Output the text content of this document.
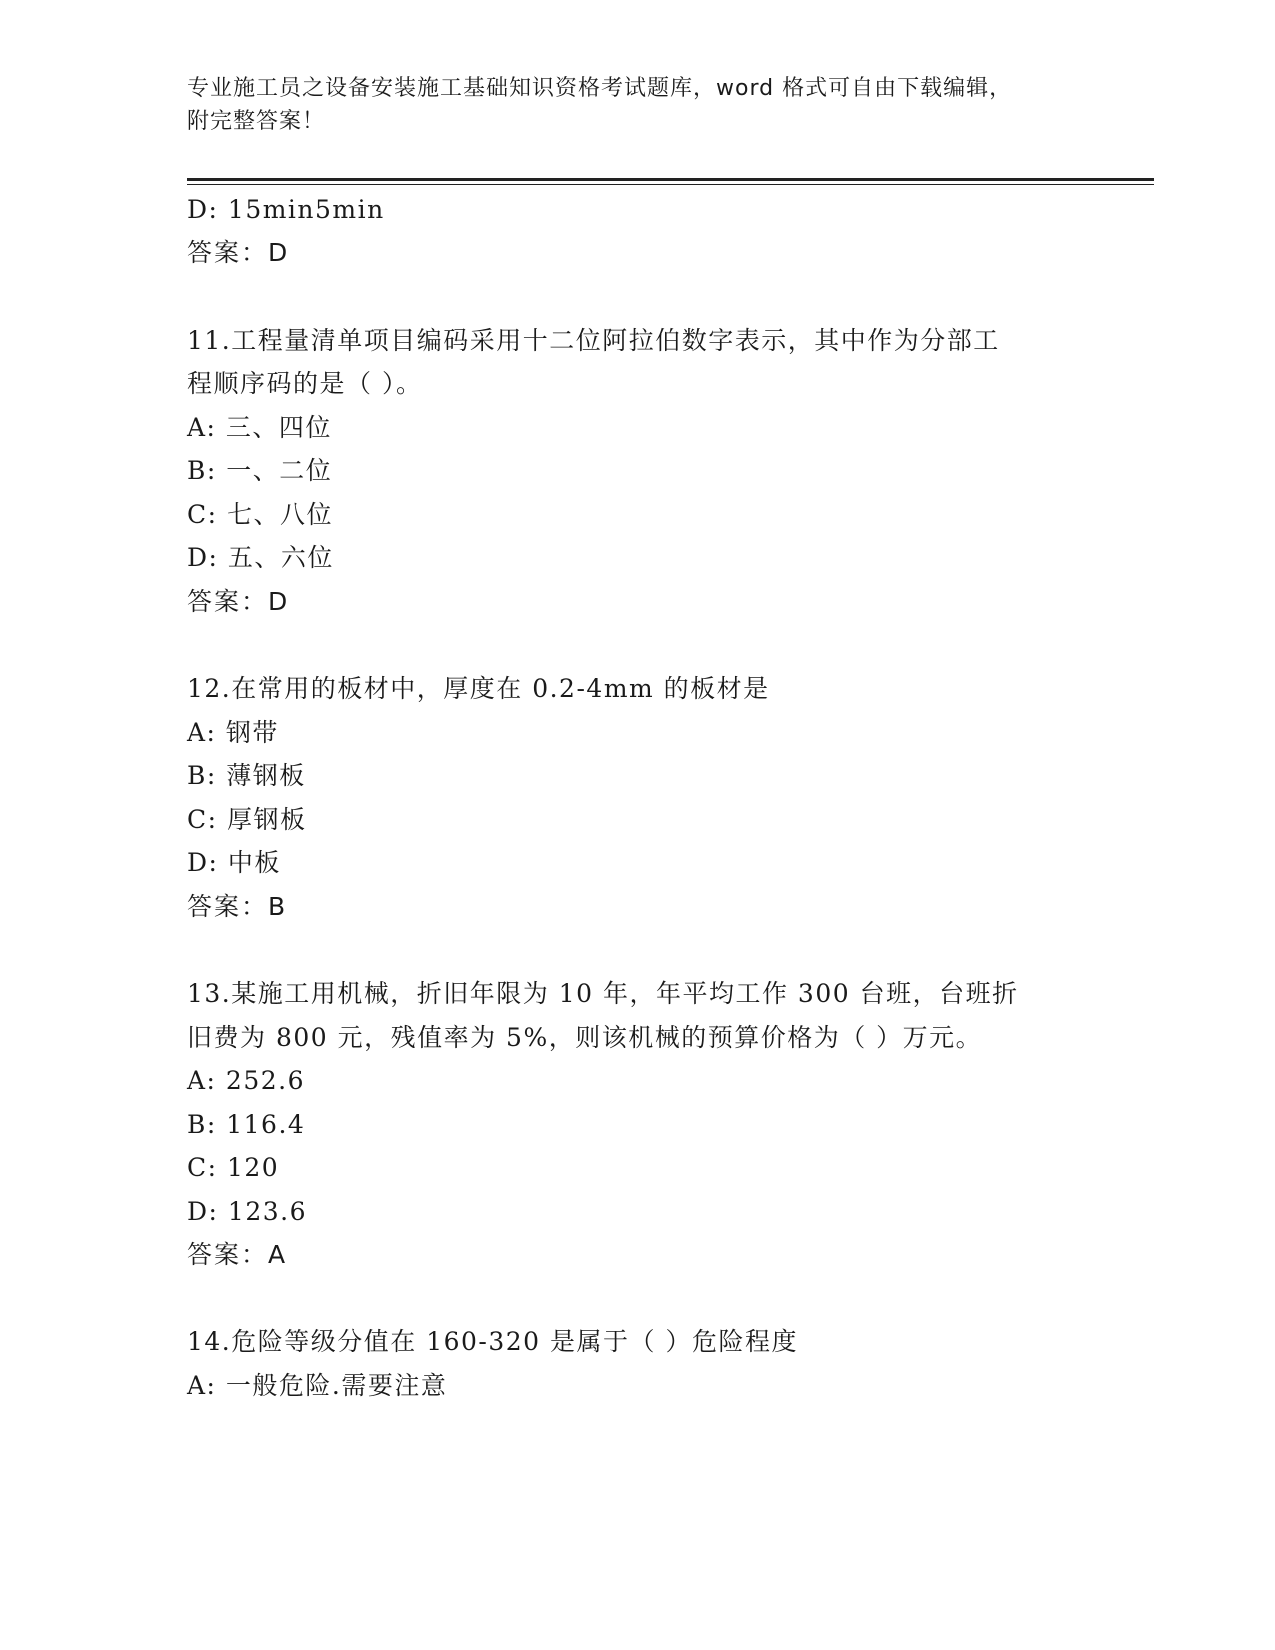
专业施工员之设备安装施工基础知识资格考试题库，word 格式可自由下载编辑，
附完整答案！
D: 15min5min
答案：D
11.工程量清单项目编码采用十二位阿拉伯数字表示，其中作为分部工
程顺序码的是（ ）。
A: 三、四位
B: 一、二位
C: 七、八位
D: 五、六位
答案：D
12.在常用的板材中，厚度在 0.2-4mm 的板材是
A: 钢带
B: 薄钢板
C: 厚钢板
D: 中板
答案：B
13.某施工用机械，折旧年限为 10 年，年平均工作 300 台班，台班折
旧费为 800 元，残值率为 5%，则该机械的预算价格为（ ）万元。
A: 252.6
B: 116.4
C: 120
D: 123.6
答案：A
14.危险等级分值在 160-320 是属于（ ）危险程度
A: 一般危险.需要注意
